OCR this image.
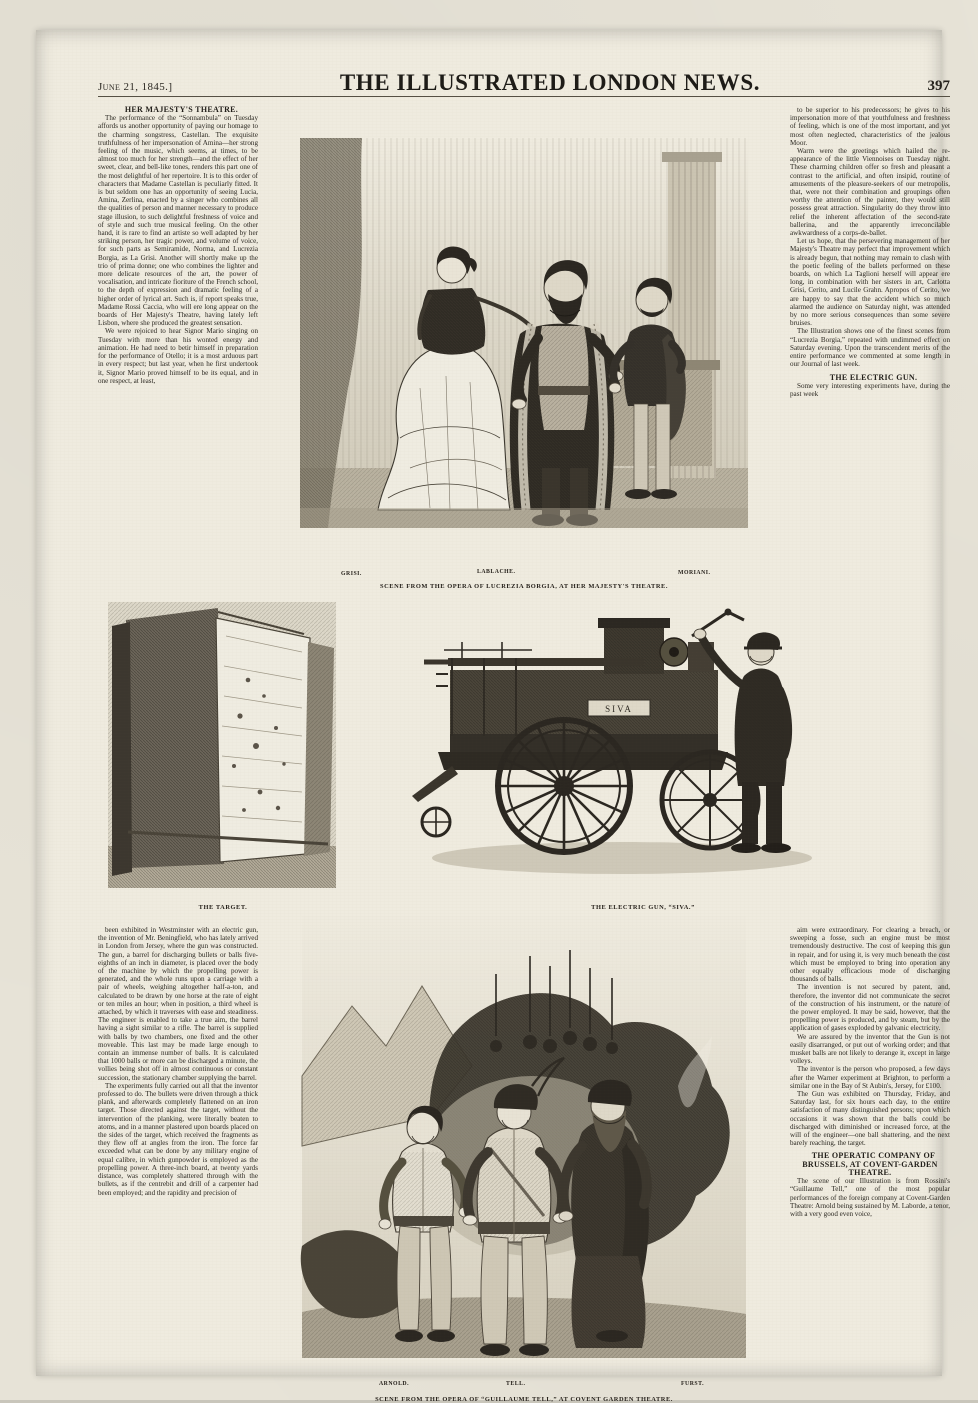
June 21, 1845.]	THE ILLUSTRATED LONDON NEWS.	397

HER MAJESTY'S THEATRE.

The performance of the “Sonnambula” on Tuesday affords us another opportunity of paying our homage to the charming songstress, Castellan. The exquisite truthfulness of her impersonation of Amina—her strong feeling of the music, which seems, at times, to be almost too much for her strength—and the effect of her sweet, clear, and bell-like tones, renders this part one of the most delightful of her repertoire. It is to this order of characters that Madame Castellan is peculiarly fitted. It is but seldom one has an opportunity of seeing Lucia, Amina, Zerlina, enacted by a singer who combines all the qualities of person and manner necessary to produce stage illusion, to such delightful freshness of voice and of style and such true musical feeling. On the other hand, it is rare to find an artiste so well adapted by her striking person, her tragic power, and volume of voice, for such parts as Semiramide, Norma, and Lucrezia Borgia, as La Grisi. Another will shortly make up the trio of prima donne; one who combines the lighter and more delicate resources of the art, the power of vocalisation, and intricate fioriture of the French school, to the depth of expression and dramatic feeling of a higher order of lyrical art. Such is, if report speaks true, Madame Rossi Caccia, who will ere long appear on the boards of Her Majesty's Theatre, having lately left Lisbon, where she produced the greatest sensation.

We were rejoiced to hear Signor Mario singing on Tuesday with more than his wonted energy and animation. He had need to betir himself in preparation for the performance of Otello; it is a most arduous part in every respect; but last year, when he first undertook it, Signor Mario proved himself to be its equal, and in one respect, at least,

to be superior to his predecessors; he gives to his impersonation more of that youthfulness and freshness of feeling, which is one of the most important, and yet most often neglected, characteristics of the jealous Moor.

Warm were the greetings which hailed the re-appearance of the little Viennoises on Tuesday night. These charming children offer so fresh and pleasant a contrast to the artificial, and often insipid, routine of amusements of the pleasure-seekers of our metropolis, that, were not their combination and groupings often worthy the attention of the painter, they would still possess great attraction. Singularity do they throw into relief the inherent affectation of the second-rate ballerina, and the apparently irreconcilable awkwardness of a corps-de-ballet.

Let us hope, that the persevering management of her Majesty's Theatre may perfect that improvement which is already begun, that nothing may remain to clash with the poetic feeling of the ballets performed on these boards, on which La Taglioni herself will appear ere long, in combination with her sisters in art, Carlotta Grisi, Cerito, and Lucile Grahn. Apropos of Cerito, we are happy to say that the accident which so much alarmed the audience on Saturday night, was attended by no more serious consequences than some severe bruises.

The Illustration shows one of the finest scenes from “Lucrezia Borgia,” repeated with undimmed effect on Saturday evening. Upon the transcendent merits of the entire performance we commented at some length in our Journal of last week.

THE ELECTRIC GUN.

Some very interesting experiments have, during the past week

GRISI.	LABLACHE.	MORIANI.
SCENE FROM THE OPERA OF LUCREZIA BORGIA, AT HER MAJESTY'S THEATRE.
THE TARGET.
SIVA
THE ELECTRIC GUN, “SIVA.”

been exhibited in Westminster with an electric gun, the invention of Mr. Beningfield, who has lately arrived in London from Jersey, where the gun was constructed. The gun, a barrel for discharging bullets or balls five-eighths of an inch in diameter, is placed over the body of the machine by which the propelling power is generated, and the whole runs upon a carriage with a pair of wheels, weighing altogether half-a-ton, and calculated to be drawn by one horse at the rate of eight or ten miles an hour; when in position, a third wheel is attached, by which it traverses with ease and steadiness. The engineer is enabled to take a true aim, the barrel having a sight similar to a rifle. The barrel is supplied with balls by two chambers, one fixed and the other moveable. This last may be made large enough to contain an immense number of balls. It is calculated that 1000 balls or more can be discharged a minute, the vollies being shot off in almost continuous or constant succession, the stationary chamber supplying the barrel.

The experiments fully carried out all that the inventor professed to do. The bullets were driven through a thick plank, and afterwards completely flattened on an iron target. Those directed against the target, without the intervention of the planking, were literally beaten to atoms, and in a manner plastered upon boards placed on the sides of the target, which received the fragments as they flew off at angles from the iron. The force far exceeded what can be done by any military engine of equal calibre, in which gunpowder is employed as the propelling power. A three-inch board, at twenty yards distance, was completely shattered through with the bullets, as if the centrebit and drill of a carpenter had been employed; and the rapidity and precision of

aim were extraordinary. For clearing a breach, or sweeping a fosse, such an engine must be most tremendously destructive. The cost of keeping this gun in repair, and for using it, is very much beneath the cost which must be employed to bring into operation any other equally efficacious mode of discharging thousands of balls.

The invention is not secured by patent, and, therefore, the inventor did not communicate the secret of the construction of his instrument, or the nature of the power employed. It may be said, however, that the propelling power is produced, and by steam, but by the application of gases exploded by galvanic electricity.

We are assured by the inventor that the Gun is not easily disarranged, or put out of working order; and that musket balls are not likely to derange it, except in large volleys.

The inventor is the person who proposed, a few days after the Warner experiment at Brighton, to perform a similar one in the Bay of St Aubin's, Jersey, for £100.

The Gun was exhibited on Thursday, Friday, and Saturday last, for six hours each day, to the entire satisfaction of many distinguished persons; upon which occasions it was shown that the balls could be discharged with diminished or increased force, at the will of the engineer—one ball shattering, and the next barely reaching, the target.

THE OPERATIC COMPANY OF BRUSSELS, AT COVENT-GARDEN THEATRE.

The scene of our Illustration is from Rossini's “Guillaume Tell,” one of the most popular performances of the foreign company at Covent-Garden Theatre: Arnold being sustained by M. Laborde, a tenor, with a very good even voice,

ARNOLD.	TELL.	FURST.
SCENE FROM THE OPERA OF “GUILLAUME TELL,” AT COVENT GARDEN THEATRE.
